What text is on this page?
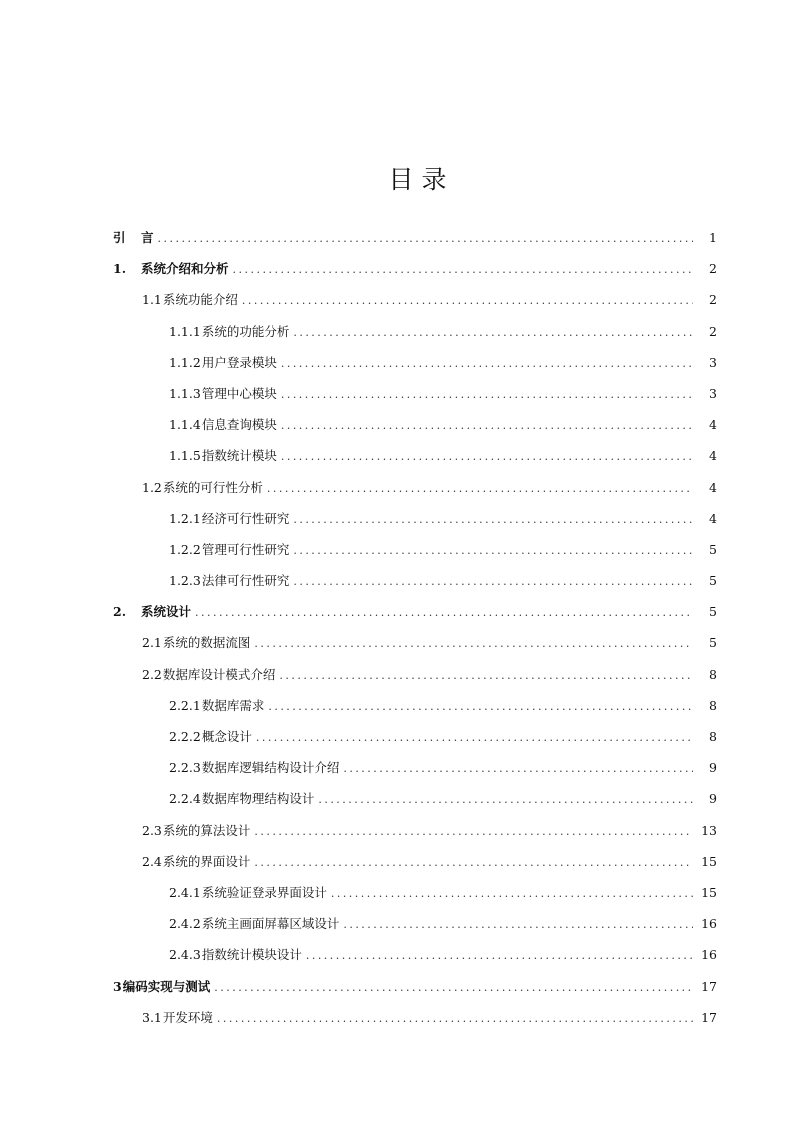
目 录
引	言 . . .	1
1.	系统介绍和分析 . . .	2
1.1 系统功能介绍 . . .	2
1.1.1 系统的功能分析 . . .	2
1.1.2 用户登录模块 . . .	3
1.1.3 管理中心模块 . . .	3
1.1.4 信息查询模块 . . .	4
1.1.5 指数统计模块 . . .	4
1.2 系统的可行性分析 . . .	4
1.2.1 经济可行性研究 . . .	4
1.2.2 管理可行性研究 . . .	5
1.2.3 法律可行性研究 . . .	5
2.	系统设计 . . .	5
2.1 系统的数据流图 . . .	5
2.2 数据库设计模式介绍 . . .	8
2.2.1 数据库需求 . . .	8
2.2.2 概念设计 . . .	8
2.2.3 数据库逻辑结构设计介绍 . . .	9
2.2.4 数据库物理结构设计 . . .	9
2.3 系统的算法设计 . . .	13
2.4 系统的界面设计 . . .	15
2.4.1 系统验证登录界面设计 . . .	15
2.4.2 系统主画面屏幕区域设计 . . .	16
2.4.3 指数统计模块设计 . . .	16
3 编码实现与测试 . . .	17
3.1 开发环境 . . .	17
